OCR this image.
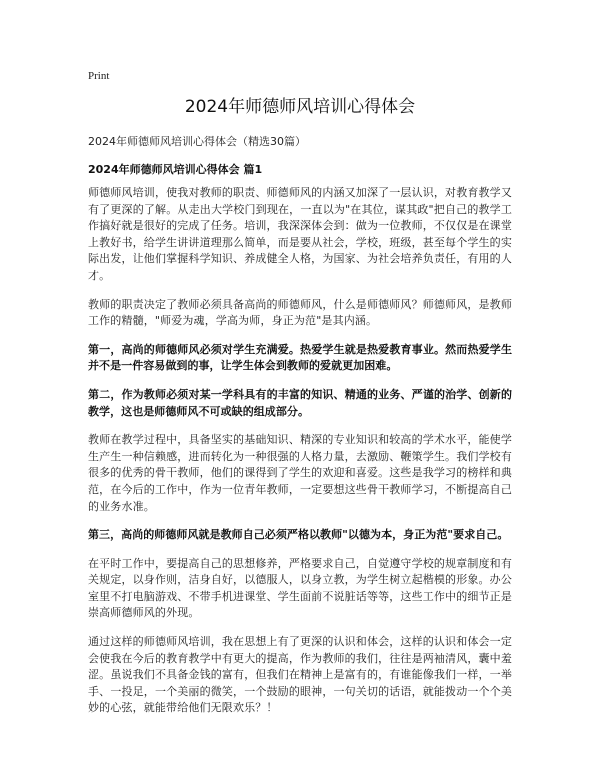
Print
2024年师德师风培训心得体会

2024年师德师风培训心得体会（精选30篇）

2024年师德师风培训心得体会 篇1

师德师风培训，使我对教师的职责、师德师风的内涵又加深了一层认识，对教育教学又有了更深的了解。从走出大学校门到现在，一直以为"在其位，谋其政"把自己的教学工作搞好就是很好的完成了任务。培训，我深深体会到：做为一位教师，不仅仅是在课堂上教好书，给学生讲讲道理那么简单，而是要从社会，学校，班级，甚至每个学生的实际出发，让他们掌握科学知识、养成健全人格，为国家、为社会培养负责任，有用的人才。

教师的职责决定了教师必须具备高尚的师德师风，什么是师德师风？师德师风，是教师工作的精髓，"师爱为魂，学高为师，身正为范"是其内涵。

第一，高尚的师德师风必须对学生充满爱。热爱学生就是热爱教育事业。然而热爱学生并不是一件容易做到的事，让学生体会到教师的爱就更加困难。

第二，作为教师必须对某一学科具有的丰富的知识、精通的业务、严谨的治学、创新的教学，这也是师德师风不可或缺的组成部分。

教师在教学过程中，具备坚实的基础知识、精深的专业知识和较高的学术水平，能使学生产生一种信赖感，进而转化为一种很强的人格力量，去激励、鞭策学生。我们学校有很多的优秀的骨干教师，他们的课得到了学生的欢迎和喜爱。这些是我学习的榜样和典范，在今后的工作中，作为一位青年教师，一定要想这些骨干教师学习，不断提高自己的业务水准。

第三，高尚的师德师风就是教师自己必须严格以教师"以德为本，身正为范"要求自己。

在平时工作中，要提高自己的思想修养，严格要求自己，自觉遵守学校的规章制度和有关规定，以身作则，洁身自好，以德服人，以身立教，为学生树立起楷模的形象。办公室里不打电脑游戏、不带手机进课堂、学生面前不说脏话等等，这些工作中的细节正是崇高师德师风的外现。

通过这样的师德师风培训，我在思想上有了更深的认识和体会，这样的认识和体会一定会使我在今后的教育教学中有更大的提高，作为教师的我们，往往是两袖清风，囊中羞涩。虽说我们不具备金钱的富有，但我们在精神上是富有的，有谁能像我们一样，一举手、一投足，一个美丽的微笑，一个鼓励的眼神，一句关切的话语，就能拨动一个个美妙的心弦，就能带给他们无限欢乐？！
